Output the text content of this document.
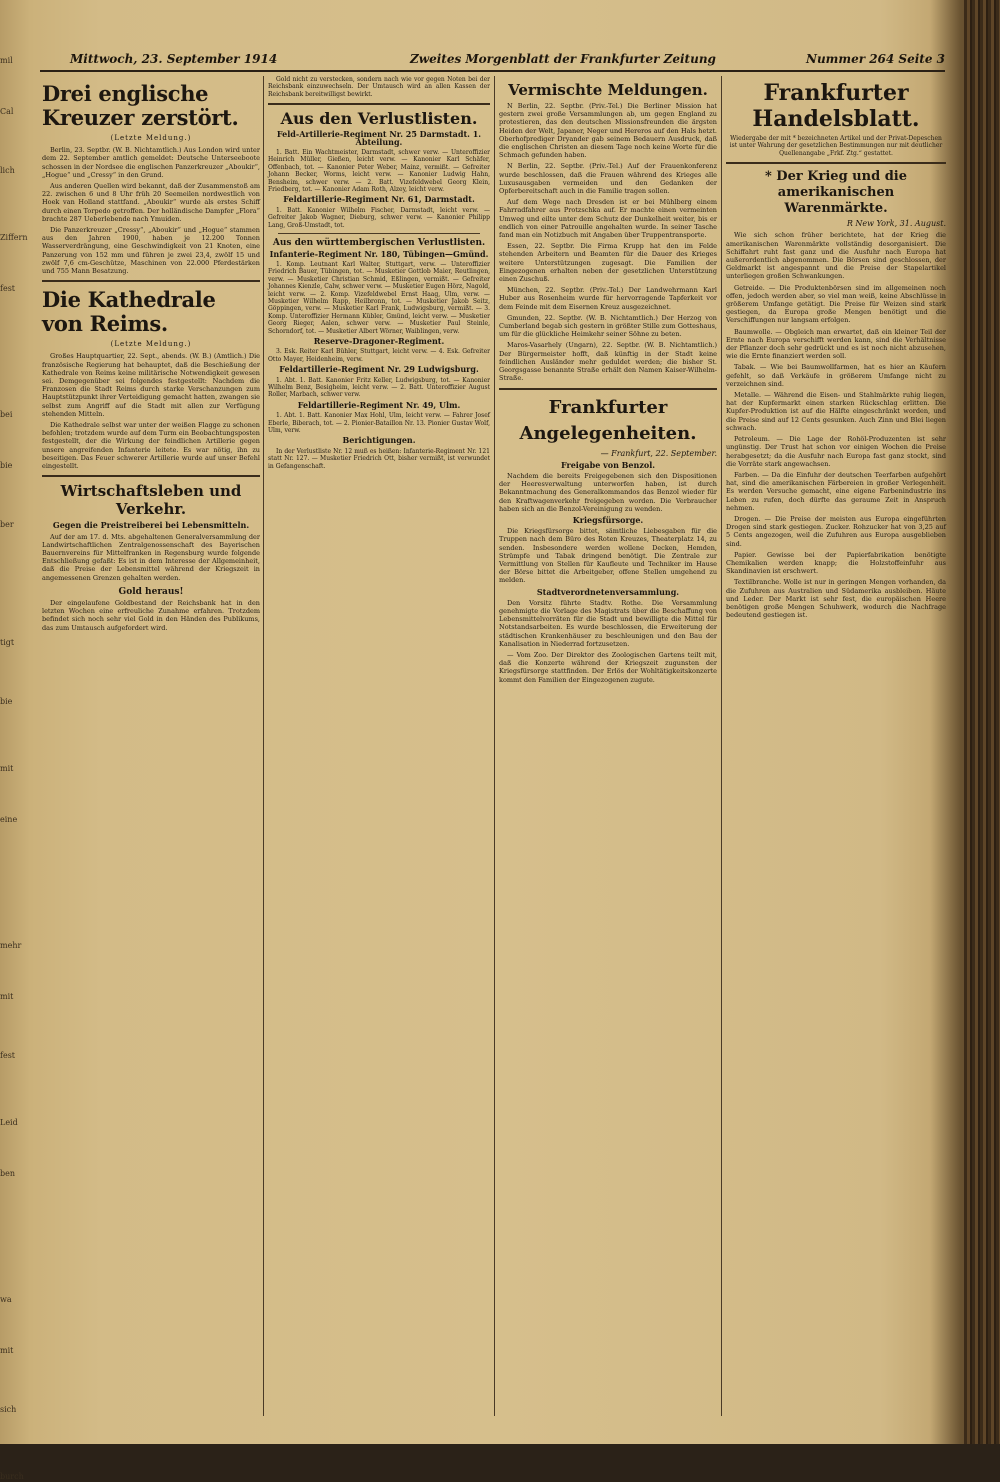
mil
Cal
lich
Ziffern
fest

bei
bie
ber

tigt
bie
mit
eine

mehr
mit
fest
Leid
ben

wa
mit
sich
burch
Mittwoch, 23. September 1914	Zweites Morgenblatt der Frankfurter Zeitung	Nummer 264 Seite 3
Drei englische Kreuzer zerstört.
(Letzte Meldung.)

Berlin, 23. Septbr. (W. B. Nichtamtlich.) Aus London wird unter dem 22. September amtlich gemeldet: Deutsche Unterseeboote schossen in der Nordsee die englischen Panzerkreuzer „Aboukir“, „Hogue“ und „Cressy“ in den Grund.

Aus anderen Quellen wird bekannt, daß der Zusammenstoß am 22. zwischen 6 und 8 Uhr früh 20 Seemeilen nordwestlich von Hoek van Holland stattfand. „Aboukir“ wurde als erstes Schiff durch einen Torpedo getroffen. Der holländische Dampfer „Flora“ brachte 287 Ueberlebende nach Ymuiden.

Die Panzerkreuzer „Cressy“, „Aboukir“ und „Hogue“ stammen aus den Jahren 1900, haben je 12.200 Tonnen Wasserverdrängung, eine Geschwindigkeit von 21 Knoten, eine Panzerung von 152 mm und führen je zwei 23,4, zwölf 15 und zwölf 7,6 cm-Geschütze, Maschinen von 22.000 Pferdestärken und 755 Mann Besatzung.

Die Kathedrale von Reims.
(Letzte Meldung.)

Großes Hauptquartier, 22. Sept., abends. (W. B.) (Amtlich.) Die französische Regierung hat behauptet, daß die Beschießung der Kathedrale von Reims keine militärische Notwendigkeit gewesen sei. Demgegenüber sei folgendes festgestellt: Nachdem die Franzosen die Stadt Reims durch starke Verschanzungen zum Hauptstützpunkt ihrer Verteidigung gemacht hatten, zwangen sie selbst zum Angriff auf die Stadt mit allen zur Verfügung stehenden Mitteln.

Die Kathedrale selbst war unter der weißen Flagge zu schonen befohlen; trotzdem wurde auf dem Turm ein Beobachtungsposten festgestellt, der die Wirkung der feindlichen Artillerie gegen unsere angreifenden Infanterie leitete. Es war nötig, ihn zu beseitigen. Das Feuer schwerer Artillerie wurde auf unser Befehl eingestellt.

Wirtschaftsleben und Verkehr.
Gegen die Preistreiberei bei Lebensmitteln.

Auf der am 17. d. Mts. abgehaltenen Generalversammlung der Landwirtschaftlichen Zentralgenossenschaft des Bayerischen Bauernvereins für Mittelfranken in Regensburg wurde folgende Entschließung gefaßt: Es ist in dem Interesse der Allgemeinheit, daß die Preise der Lebensmittel während der Kriegszeit in angemessenen Grenzen gehalten werden.

Gold heraus!

Der eingelaufene Goldbestand der Reichsbank hat in den letzten Wochen eine erfreuliche Zunahme erfahren. Trotzdem befindet sich noch sehr viel Gold in den Händen des Publikums, das zum Umtausch aufgefordert wird.

Gold nicht zu verstecken, sondern nach wie vor gegen Noten bei der Reichsbank einzuwechseln. Der Umtausch wird an allen Kassen der Reichsbank bereitwilligst bewirkt.

Aus den Verlustlisten.
Feld-Artillerie-Regiment Nr. 25 Darmstadt. 1. Abteilung.

1. Batt. Ein Wachtmeister, Darmstadt, schwer verw. — Unteroffizier Heinrich Müller, Gießen, leicht verw. — Kanonier Karl Schäfer, Offenbach, tot. — Kanonier Peter Weber, Mainz, vermißt. — Gefreiter Johann Becker, Worms, leicht verw. — Kanonier Ludwig Hahn, Bensheim, schwer verw. — 2. Batt. Vizefeldwebel Georg Klein, Friedberg, tot. — Kanonier Adam Roth, Alzey, leicht verw.

Feldartillerie-Regiment Nr. 61, Darmstadt.

1. Batt. Kanonier Wilhelm Fischer, Darmstadt, leicht verw. — Gefreiter Jakob Wagner, Dieburg, schwer verw. — Kanonier Philipp Lang, Groß-Umstadt, tot.

Aus den württembergischen Verlustlisten.
Infanterie-Regiment Nr. 180, Tübingen—Gmünd.

1. Komp. Leutnant Karl Walter, Stuttgart, verw. — Unteroffizier Friedrich Bauer, Tübingen, tot. — Musketier Gottlob Maier, Reutlingen, verw. — Musketier Christian Schmid, Eßlingen, vermißt. — Gefreiter Johannes Kienzle, Calw, schwer verw. — Musketier Eugen Hörz, Nagold, leicht verw. — 2. Komp. Vizefeldwebel Ernst Haag, Ulm, verw. — Musketier Wilhelm Rapp, Heilbronn, tot. — Musketier Jakob Seitz, Göppingen, verw. — Musketier Karl Frank, Ludwigsburg, vermißt. — 3. Komp. Unteroffizier Hermann Kübler, Gmünd, leicht verw. — Musketier Georg Rieger, Aalen, schwer verw. — Musketier Paul Steinle, Schorndorf, tot. — Musketier Albert Wörner, Waiblingen, verw.

Reserve-Dragoner-Regiment.

3. Esk. Reiter Karl Bühler, Stuttgart, leicht verw. — 4. Esk. Gefreiter Otto Mayer, Heidenheim, verw.

Feldartillerie-Regiment Nr. 29 Ludwigsburg.

1. Abt. 1. Batt. Kanonier Fritz Keller, Ludwigsburg, tot. — Kanonier Wilhelm Benz, Besigheim, leicht verw. — 2. Batt. Unteroffizier August Roller, Marbach, schwer verw.

Feldartillerie-Regiment Nr. 49, Ulm.

1. Abt. 1. Batt. Kanonier Max Hohl, Ulm, leicht verw. — Fahrer Josef Eberle, Biberach, tot. — 2. Pionier-Bataillon Nr. 13. Pionier Gustav Wolf, Ulm, verw.

Berichtigungen.

In der Verlustliste Nr. 12 muß es heißen: Infanterie-Regiment Nr. 121 statt Nr. 127. — Musketier Friedrich Ott, bisher vermißt, ist verwundet in Gefangenschaft.

Vermischte Meldungen.

N Berlin, 22. Septbr. (Priv.-Tel.) Die Berliner Mission hat gestern zwei große Versammlungen ab, um gegen England zu protestieren, das den deutschen Missionsfreunden die ärgsten Heiden der Welt, Japaner, Neger und Hereros auf den Hals hetzt. Oberhofprediger Dryander gab seinem Bedauern Ausdruck, daß die englischen Christen an diesem Tage noch keine Worte für die Schmach gefunden haben.

N Berlin, 22. Septbr. (Priv.-Tel.) Auf der Frauenkonferenz wurde beschlossen, daß die Frauen während des Krieges alle Luxusausgaben vermeiden und den Gedanken der Opferbereitschaft auch in die Familie tragen sollen.

Auf dem Wege nach Dresden ist er bei Mühlberg einem Fahrradfahrer aus Protzschka auf. Er machte einen vermeinten Umweg und eilte unter dem Schutz der Dunkelheit weiter, bis er endlich von einer Patrouille angehalten wurde. In seiner Tasche fand man ein Notizbuch mit Angaben über Truppentransporte.

Essen, 22. Septbr. Die Firma Krupp hat den im Felde stehenden Arbeitern und Beamten für die Dauer des Krieges weitere Unterstützungen zugesagt. Die Familien der Eingezogenen erhalten neben der gesetzlichen Unterstützung einen Zuschuß.

München, 22. Septbr. (Priv.-Tel.) Der Landwehrmann Karl Huber aus Rosenheim wurde für hervorragende Tapferkeit vor dem Feinde mit dem Eisernen Kreuz ausgezeichnet.

Gmunden, 22. Septbr. (W. B. Nichtamtlich.) Der Herzog von Cumberland begab sich gestern in größter Stille zum Gotteshaus, um für die glückliche Heimkehr seiner Söhne zu beten.

Maros-Vasarhely (Ungarn), 22. Septbr. (W. B. Nichtamtlich.) Der Bürgermeister hofft, daß künftig in der Stadt keine feindlichen Ausländer mehr geduldet werden; die bisher St. Georgsgasse benannte Straße erhält den Namen Kaiser-Wilhelm-Straße.

Frankfurter Angelegenheiten.
— Frankfurt, 22. September.
Freigabe von Benzol.

Nachdem die bereits Freigegebenen sich den Dispositionen der Heeresverwaltung unterworfen haben, ist durch Bekanntmachung des Generalkommandos das Benzol wieder für den Kraftwagenverkehr freigegeben worden. Die Verbraucher haben sich an die Benzol-Vereinigung zu wenden.

Kriegsfürsorge.

Die Kriegsfürsorge bittet, sämtliche Liebesgaben für die Truppen nach dem Büro des Roten Kreuzes, Theaterplatz 14, zu senden. Insbesondere werden wollene Decken, Hemden, Strümpfe und Tabak dringend benötigt. Die Zentrale zur Vermittlung von Stellen für Kaufleute und Techniker im Hause der Börse bittet die Arbeitgeber, offene Stellen umgehend zu melden.

Stadtverordnetenversammlung.

Den Vorsitz führte Stadtv. Rothe. Die Versammlung genehmigte die Vorlage des Magistrats über die Beschaffung von Lebensmittelvorräten für die Stadt und bewilligte die Mittel für Notstandsarbeiten. Es wurde beschlossen, die Erweiterung der städtischen Krankenhäuser zu beschleunigen und den Bau der Kanalisation in Niederrad fortzusetzen.

— Vom Zoo. Der Direktor des Zoologischen Gartens teilt mit, daß die Konzerte während der Kriegszeit zugunsten der Kriegsfürsorge stattfinden. Der Erlös der Wohltätigkeitskonzerte kommt den Familien der Eingezogenen zugute.

Frankfurter Handelsblatt.
Wiedergabe der mit * bezeichneten Artikel und der Privat-Depeschen ist unter Wahrung der gesetzlichen Bestimmungen nur mit deutlicher Quellenangabe „Frkf. Ztg.“ gestattet.
* Der Krieg und die amerikanischen Warenmärkte.
R New York, 31. August.

Wie sich schon früher berichtete, hat der Krieg die amerikanischen Warenmärkte vollständig desorganisiert. Die Schiffahrt ruht fast ganz und die Ausfuhr nach Europa hat außerordentlich abgenommen. Die Börsen sind geschlossen, der Geldmarkt ist angespannt und die Preise der Stapelartikel unterliegen großen Schwankungen.

Getreide. — Die Produktenbörsen sind im allgemeinen noch offen, jedoch werden aber, so viel man weiß, keine Abschlüsse in größerem Umfange getätigt. Die Preise für Weizen sind stark gestiegen, da Europa große Mengen benötigt und die Verschiffungen nur langsam erfolgen.

Baumwolle. — Obgleich man erwartet, daß ein kleiner Teil der Ernte nach Europa verschifft werden kann, sind die Verhältnisse der Pflanzer doch sehr gedrückt und es ist noch nicht abzusehen, wie die Ernte finanziert werden soll.

Tabak. — Wie bei Baumwollfarmen, hat es hier an Käufern gefehlt, so daß Verkäufe in größerem Umfange nicht zu verzeichnen sind.

Metalle. — Während die Eisen- und Stahlmärkte ruhig liegen, hat der Kupfermarkt einen starken Rückschlag erlitten. Die Kupfer-Produktion ist auf die Hälfte eingeschränkt worden, und die Preise sind auf 12 Cents gesunken. Auch Zinn und Blei liegen schwach.

Petroleum. — Die Lage der Rohöl-Produzenten ist sehr ungünstig. Der Trust hat schon vor einigen Wochen die Preise herabgesetzt; da die Ausfuhr nach Europa fast ganz stockt, sind die Vorräte stark angewachsen.

Farben. — Da die Einfuhr der deutschen Teerfarben aufgehört hat, sind die amerikanischen Färbereien in großer Verlegenheit. Es werden Versuche gemacht, eine eigene Farbenindustrie ins Leben zu rufen, doch dürfte das geraume Zeit in Anspruch nehmen.

Drogen. — Die Preise der meisten aus Europa eingeführten Drogen sind stark gestiegen. Zucker. Rohzucker hat von 3,25 auf 5 Cents angezogen, weil die Zufuhren aus Europa ausgeblieben sind.

Papier. Gewisse bei der Papierfabrikation benötigte Chemikalien werden knapp; die Holzstoffeinfuhr aus Skandinavien ist erschwert.

Textilbranche. Wolle ist nur in geringen Mengen vorhanden, da die Zufuhren aus Australien und Südamerika ausbleiben. Häute und Leder. Der Markt ist sehr fest, die europäischen Heere benötigen große Mengen Schuhwerk, wodurch die Nachfrage bedeutend gestiegen ist.
